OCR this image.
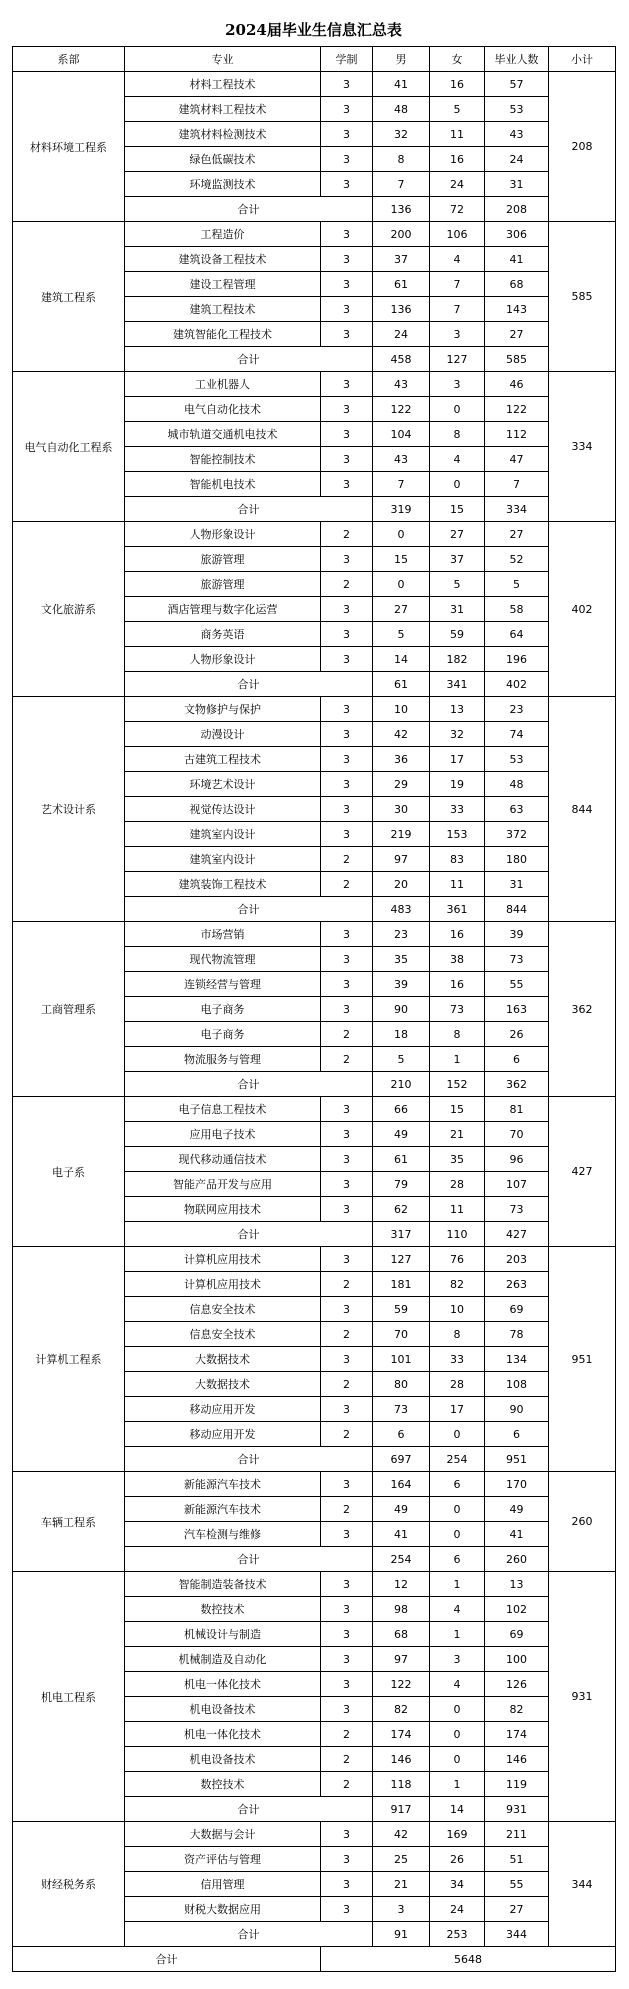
2024届毕业生信息汇总表
系部	专业	学制	男	女	毕业人数	小计
材料环境工程系	材料工程技术	3	41	16	57	208
	建筑材料工程技术	3	48	5	53	
	建筑材料检测技术	3	32	11	43	
	绿色低碳技术	3	8	16	24	
	环境监测技术	3	7	24	31	
	合计		136	72	208	
建筑工程系	工程造价	3	200	106	306	585
	建筑设备工程技术	3	37	4	41	
	建设工程管理	3	61	7	68	
	建筑工程技术	3	136	7	143	
	建筑智能化工程技术	3	24	3	27	
	合计		458	127	585	
电气自动化工程系	工业机器人	3	43	3	46	334
	电气自动化技术	3	122	0	122	
	城市轨道交通机电技术	3	104	8	112	
	智能控制技术	3	43	4	47	
	智能机电技术	3	7	0	7	
	合计		319	15	334	
文化旅游系	人物形象设计	2	0	27	27	402
	旅游管理	3	15	37	52	
	旅游管理	2	0	5	5	
	酒店管理与数字化运营	3	27	31	58	
	商务英语	3	5	59	64	
	人物形象设计	3	14	182	196	
	合计		61	341	402	
艺术设计系	文物修护与保护	3	10	13	23	844
	动漫设计	3	42	32	74	
	古建筑工程技术	3	36	17	53	
	环境艺术设计	3	29	19	48	
	视觉传达设计	3	30	33	63	
	建筑室内设计	3	219	153	372	
	建筑室内设计	2	97	83	180	
	建筑装饰工程技术	2	20	11	31	
	合计		483	361	844	
工商管理系	市场营销	3	23	16	39	362
	现代物流管理	3	35	38	73	
	连锁经营与管理	3	39	16	55	
	电子商务	3	90	73	163	
	电子商务	2	18	8	26	
	物流服务与管理	2	5	1	6	
	合计		210	152	362	
电子系	电子信息工程技术	3	66	15	81	427
	应用电子技术	3	49	21	70	
	现代移动通信技术	3	61	35	96	
	智能产品开发与应用	3	79	28	107	
	物联网应用技术	3	62	11	73	
	合计		317	110	427	
计算机工程系	计算机应用技术	3	127	76	203	951
	计算机应用技术	2	181	82	263	
	信息安全技术	3	59	10	69	
	信息安全技术	2	70	8	78	
	大数据技术	3	101	33	134	
	大数据技术	2	80	28	108	
	移动应用开发	3	73	17	90	
	移动应用开发	2	6	0	6	
	合计		697	254	951	
车辆工程系	新能源汽车技术	3	164	6	170	260
	新能源汽车技术	2	49	0	49	
	汽车检测与维修	3	41	0	41	
	合计		254	6	260	
机电工程系	智能制造装备技术	3	12	1	13	931
	数控技术	3	98	4	102	
	机械设计与制造	3	68	1	69	
	机械制造及自动化	3	97	3	100	
	机电一体化技术	3	122	4	126	
	机电设备技术	3	82	0	82	
	机电一体化技术	2	174	0	174	
	机电设备技术	2	146	0	146	
	数控技术	2	118	1	119	
	合计		917	14	931	
财经税务系	大数据与会计	3	42	169	211	344
	资产评估与管理	3	25	26	51	
	信用管理	3	21	34	55	
	财税大数据应用	3	3	24	27	
	合计		91	253	344	
合计		5648				
